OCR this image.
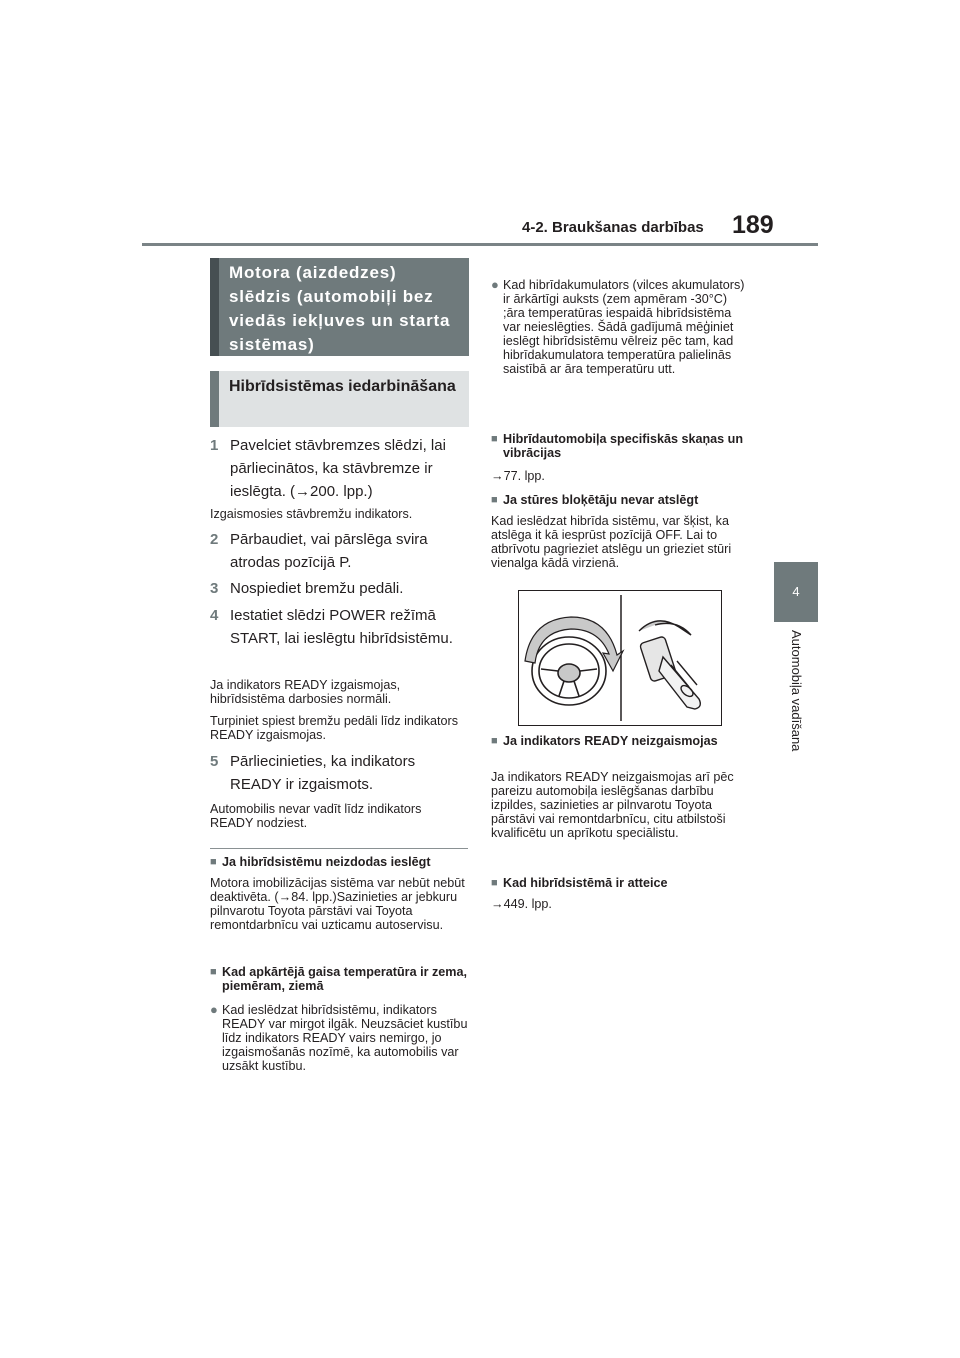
4-2. Braukšanas darbības 189
4
Automobiļa vadīšana
Motora (aizdedzes) slēdzis (automobiļi bez viedās iekļuves un starta sistēmas)
Hibrīdsistēmas iedarbināšana
1 Pavelciet stāvbremzes slēdzi, lai pārliecinātos, ka stāvbremze ir ieslēgta. (→200. lpp.)
Izgaismosies stāvbremžu indikators.
2 Pārbaudiet, vai pārslēga svira atrodas pozīcijā P.
3 Nospiediet bremžu pedāli.
4 Iestatiet slēdzi POWER režīmā START, lai ieslēgtu hibrīdsistēmu.
Ja indikators READY izgaismojas, hibrīdsistēma darbosies normāli.
Turpiniet spiest bremžu pedāli līdz indikators READY izgaismojas.
5 Pārliecinieties, ka indikators READY ir izgaismots.
Automobilis nevar vadīt līdz indikators READY nodziest.
■ Ja hibrīdsistēmu neizdodas ieslēgt
Motora imobilizācijas sistēma var nebūt nebūt deaktivēta. (→84. lpp.)Sazinieties ar jebkuru pilnvarotu Toyota pārstāvi vai Toyota remontdarbnīcu vai uzticamu autoservisu.
■ Kad apkārtējā gaisa temperatūra ir zema, piemēram, ziemā
● Kad ieslēdzat hibrīdsistēmu, indikators READY var mirgot ilgāk. Neuzsāciet kustību līdz indikators READY vairs nemirgo, jo izgaismošanās nozīmē, ka automobilis var uzsākt kustību.
● Kad hibrīdakumulators (vilces akumulators) ir ārkārtīgi auksts (zem apmēram -30°C) ;āra temperatūras iespaidā hibrīdsistēma var neieslēgties. Šādā gadījumā mēģiniet ieslēgt hibrīdsistēmu vēlreiz pēc tam, kad hibrīdakumulatora temperatūra palielinās saistībā ar āra temperatūru utt.
■ Hibrīdautomobiļa specifiskās skaņas un vibrācijas
→77. lpp.
■ Ja stūres bloķētāju nevar atslēgt
Kad ieslēdzat hibrīda sistēmu, var šķist, ka atslēga it kā iesprūst pozīcijā OFF. Lai to atbrīvotu pagrieziet atslēgu un grieziet stūri vienalga kādā virzienā.
■ Ja indikators READY neizgaismojas
Ja indikators READY neizgaismojas arī pēc pareizu automobiļa ieslēgšanas darbību izpildes, sazinieties ar pilnvarotu Toyota pārstāvi vai remontdarbnīcu, citu atbilstoši kvalificētu un aprīkotu speciālistu.
■ Kad hibrīdsistēmā ir atteice
→449. lpp.
